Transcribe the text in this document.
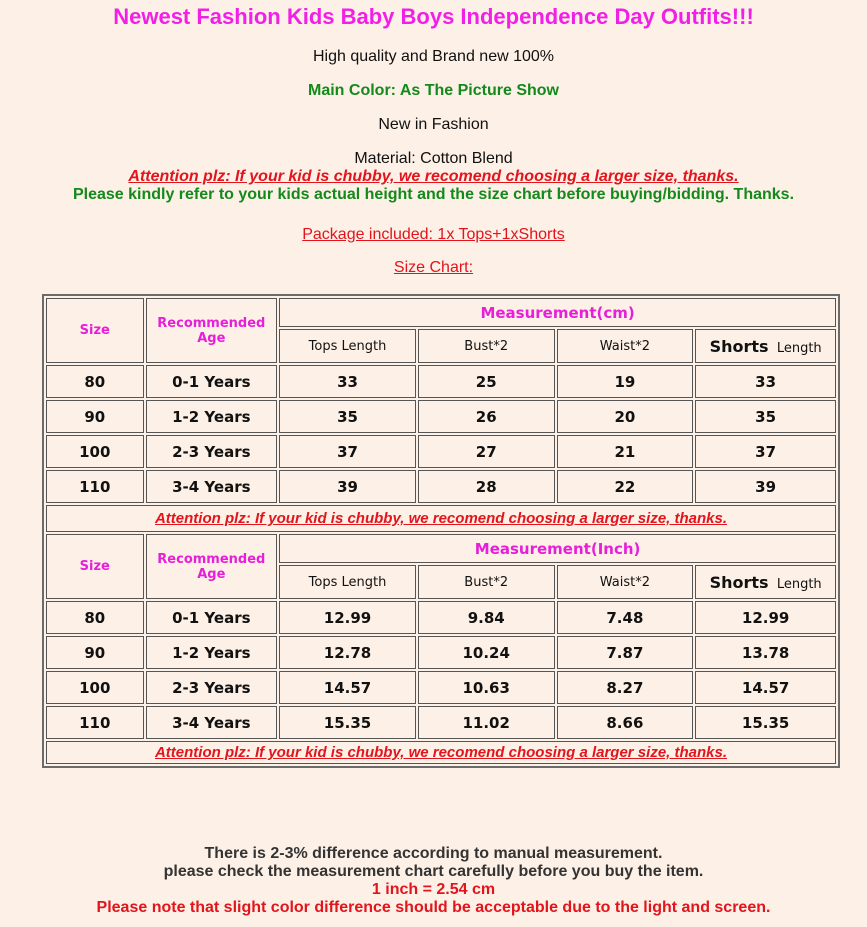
Newest Fashion Kids Baby Boys Independence Day Outfits!!!
High quality and Brand new 100%
Main Color: As The Picture Show
New in Fashion
Material: Cotton Blend
Attention plz: If your kid is chubby, we recomend choosing a larger size, thanks.
Please kindly refer to your kids actual height and the size chart before buying/bidding. Thanks.
Package included: 1x Tops+1xShorts
Size Chart:
Size	Recommended Age	Measurement(cm)			
		Tops Length	Bust*2	Waist*2	Shorts Length
80	0-1 Years	33	25	19	33
90	1-2 Years	35	26	20	35
100	2-3 Years	37	27	21	37
110	3-4 Years	39	28	22	39
Attention plz: If your kid is chubby, we recomend choosing a larger size, thanks.					
Size	Recommended Age	Measurement(Inch)			
		Tops Length	Bust*2	Waist*2	Shorts Length
80	0-1 Years	12.99	9.84	7.48	12.99
90	1-2 Years	12.78	10.24	7.87	13.78
100	2-3 Years	14.57	10.63	8.27	14.57
110	3-4 Years	15.35	11.02	8.66	15.35
Attention plz: If your kid is chubby, we recomend choosing a larger size, thanks.					
There is 2-3% difference according to manual measurement.
please check the measurement chart carefully before you buy the item.
1 inch = 2.54 cm
Please note that slight color difference should be acceptable due to the light and screen.
